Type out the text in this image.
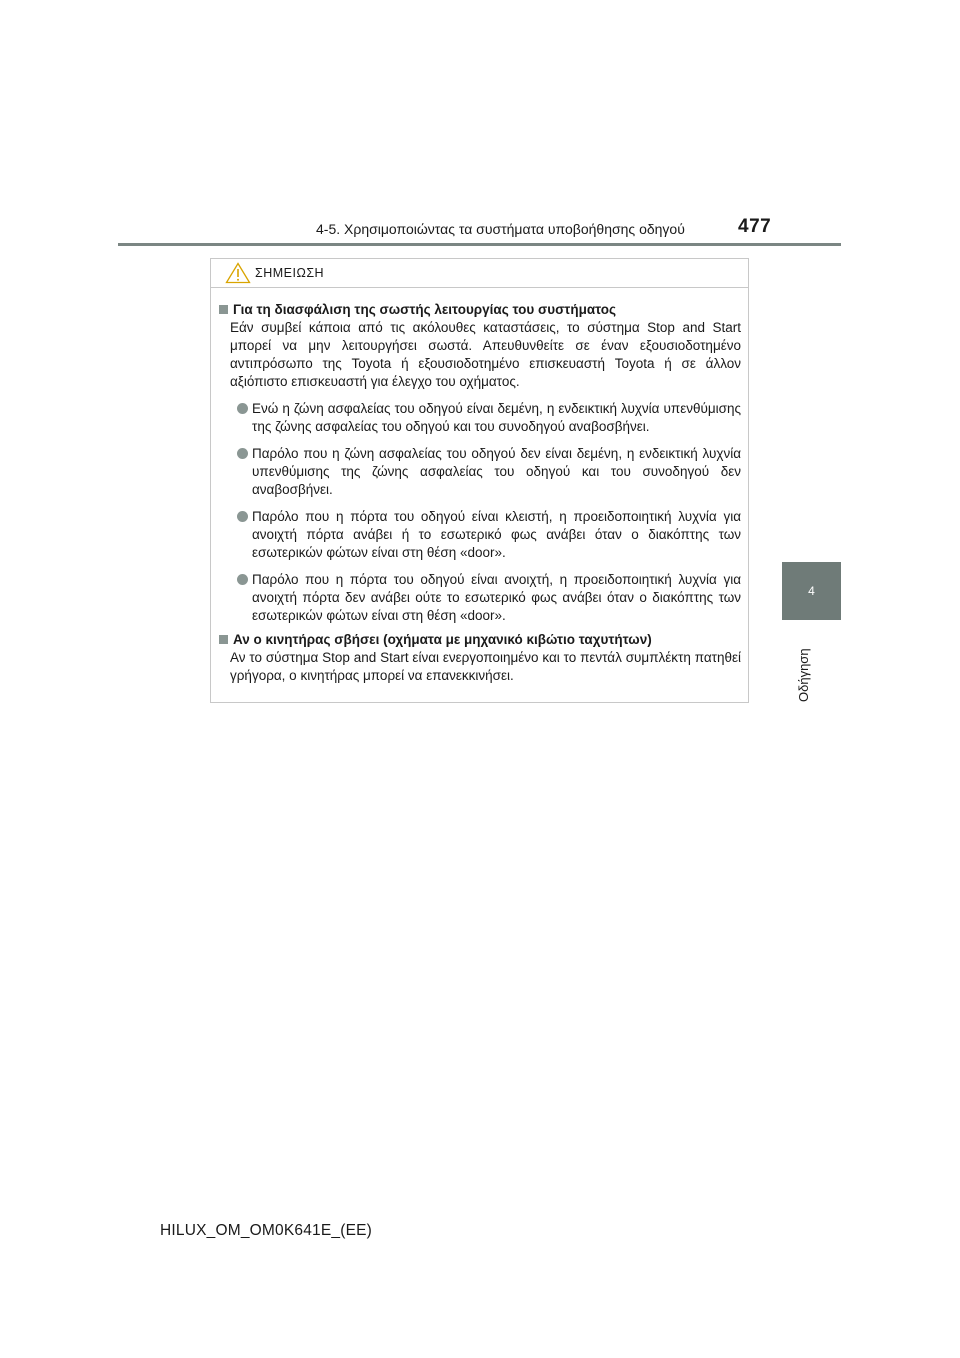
4-5. Χρησιμοποιώντας τα συστήματα υποβοήθησης οδηγού	477
4
Οδήγηση
ΣΗΜΕΙΩΣΗ
Για τη διασφάλιση της σωστής λειτουργίας του συστήματος
Εάν συμβεί κάποια από τις ακόλουθες καταστάσεις, το σύστημα Stop and Start μπορεί να μην λειτουργήσει σωστά. Απευθυνθείτε σε έναν εξουσιοδοτημένο αντιπρόσωπο της Toyota ή εξουσιοδοτημένο επισκευαστή Toyota ή σε άλλον αξιόπιστο επισκευαστή για έλεγχο του οχήματος.
Ενώ η ζώνη ασφαλείας του οδηγού είναι δεμένη, η ενδεικτική λυχνία υπενθύμισης της ζώνης ασφαλείας του οδηγού και του συνοδηγού αναβοσβήνει.
Παρόλο που η ζώνη ασφαλείας του οδηγού δεν είναι δεμένη, η ενδεικτική λυχνία υπενθύμισης της ζώνης ασφαλείας του οδηγού και του συνοδηγού δεν αναβοσβήνει.
Παρόλο που η πόρτα του οδηγού είναι κλειστή, η προειδοποιητική λυχνία για ανοιχτή πόρτα ανάβει ή το εσωτερικό φως ανάβει όταν ο διακόπτης των εσωτερικών φώτων είναι στη θέση «door».
Παρόλο που η πόρτα του οδηγού είναι ανοιχτή, η προειδοποιητική λυχνία για ανοιχτή πόρτα δεν ανάβει ούτε το εσωτερικό φως ανάβει όταν ο διακόπτης των εσωτερικών φώτων είναι στη θέση «door».
Αν ο κινητήρας σβήσει (οχήματα με μηχανικό κιβώτιο ταχυτήτων)
Αν το σύστημα Stop and Start είναι ενεργοποιημένο και το πεντάλ συμπλέκτη πατηθεί γρήγορα, ο κινητήρας μπορεί να επανεκκινήσει.
HILUX_OM_OM0K641E_(EE)
